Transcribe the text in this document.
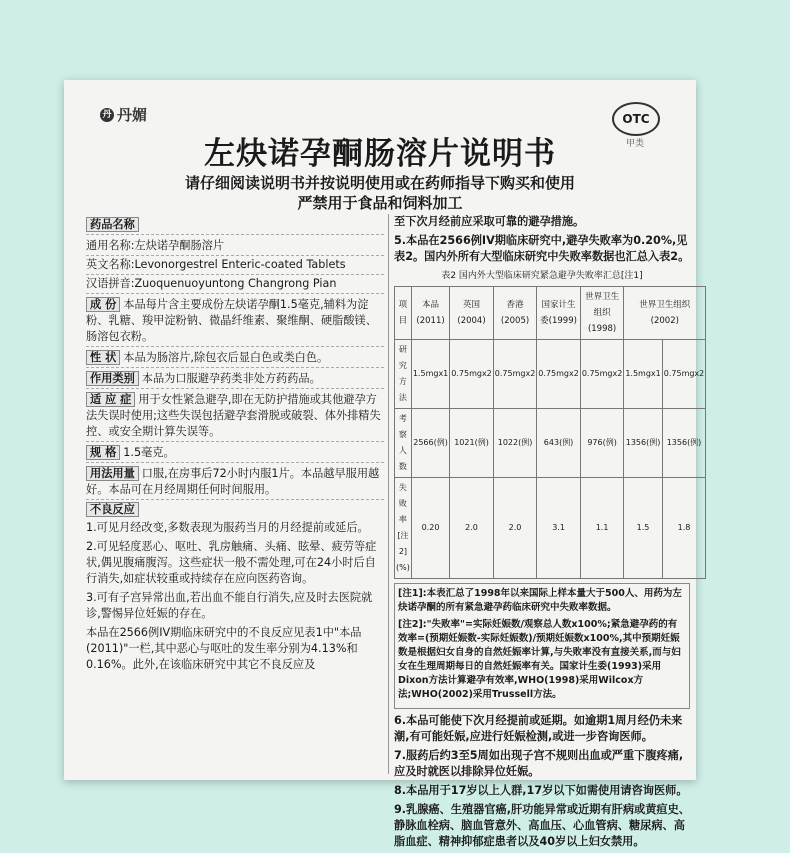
丹 丹媚	OTC
甲类
左炔诺孕酮肠溶片说明书
请仔细阅读说明书并按说明使用或在药师指导下购买和使用
严禁用于食品和饲料加工
药品名称
通用名称:左炔诺孕酮肠溶片
英文名称:Levonorgestrel Enteric-coated Tablets
汉语拼音:Zuoquenuoyuntong Changrong Pian
成 份 本品每片含主要成份左炔诺孕酮1.5毫克,辅料为淀粉、乳糖、羧甲淀粉钠、微晶纤维素、聚维酮、硬脂酸镁、肠溶包衣粉。
性 状 本品为肠溶片,除包衣后显白色或类白色。
作用类别 本品为口服避孕药类非处方药药品。
适 应 症 用于女性紧急避孕,即在无防护措施或其他避孕方法失误时使用;这些失误包括避孕套滑脱或破裂、体外排精失控、或安全期计算失误等。
规 格 1.5毫克。
用法用量 口服,在房事后72小时内服1片。本品越早服用越好。本品可在月经周期任何时间服用。
不良反应

1.可见月经改变,多数表现为服药当月的月经提前或延后。

2.可见轻度恶心、呕吐、乳房触痛、头痛、眩晕、疲劳等症状,偶见腹痛腹泻。这些症状一般不需处理,可在24小时后自行消失,如症状较重或持续存在应向医药咨询。

3.可有子宫异常出血,若出血不能自行消失,应及时去医院就诊,警惕异位妊娠的存在。

本品在2566例IV期临床研究中的不良反应见表1中"本品(2011)"一栏,其中恶心与呕吐的发生率分别为4.13%和0.16%。此外,在该临床研究中其它不良反应及

至下次月经前应采取可靠的避孕措施。

5.本品在2566例IV期临床研究中,避孕失败率为0.20%,见表2。国内外所有大型临床研究中失败率数据也汇总入表2。

表2 国内外大型临床研究紧急避孕失败率汇总[注1]
项目	本品(2011)	英国(2004)	香港(2005)	国家计生委(1999)	世界卫生组织(1998)	世界卫生组织(2002)	
研究方法	1.5mgx1	0.75mgx2	0.75mgx2	0.75mgx2	0.75mgx2	1.5mgx1	0.75mgx2
考察人数	2566(例)	1021(例)	1022(例)	643(例)	976(例)	1356(例)	1356(例)
失败率[注2](%)	0.20	2.0	2.0	3.1	1.1	1.5	1.8

[注1]:本表汇总了1998年以来国际上样本量大于500人、用药为左炔诺孕酮的所有紧急避孕药临床研究中失败率数据。

[注2]:"失败率"=实际妊娠数/观察总人数x100%;紧急避孕药的有效率=(预期妊娠数-实际妊娠数)/预期妊娠数x100%,其中预期妊娠数是根据妇女自身的自然妊娠率计算,与失败率没有直接关系,而与妇女在生理周期每日的自然妊娠率有关。国家计生委(1993)采用Dixon方法计算避孕有效率,WHO(1998)采用Wilcox方法;WHO(2002)采用Trussell方法。

6.本品可能使下次月经提前或延期。如逾期1周月经仍未来潮,有可能妊娠,应进行妊娠检测,或进一步咨询医师。

7.服药后约3至5周如出现子宫不规则出血或严重下腹疼痛,应及时就医以排除异位妊娠。

8.本品用于17岁以上人群,17岁以下如需使用请咨询医师。

9.乳腺癌、生殖器官癌,肝功能异常或近期有肝病或黄疸史、静脉血栓病、脑血管意外、高血压、心血管病、糖尿病、高脂血症、精神抑郁症患者以及40岁以上妇女禁用。
